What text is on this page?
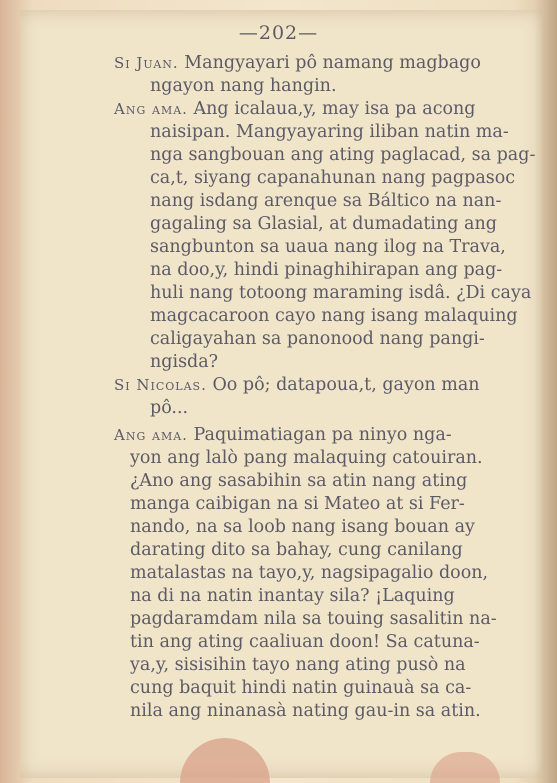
—202—
Si Juan. Mangyayari pô namang magbago
ngayon nang hangin.
Ang ama. Ang icalaua,y, may isa pa acong
naisipan. Mangyayaring iliban natin ma-
nga sangbouan ang ating paglacad, sa pag-
ca,t, siyang capanahunan nang pagpasoc
nang isdang arenque sa Báltico na nan-
gagaling sa Glasial, at dumadating ang
sangbunton sa uaua nang ilog na Trava,
na doo,y, hindi pinaghihirapan ang pag-
huli nang totoong maraming isdâ. ¿Di caya
magcacaroon cayo nang isang malaquing
caligayahan sa panonood nang pangi-
ngisda?
Si Nicolas. Oo pô; datapoua,t, gayon man
pô...
Ang ama. Paquimatiagan pa ninyo nga-
yon ang lalò pang malaquing catouiran.
¿Ano ang sasabihin sa atin nang ating
manga caibigan na si Mateo at si Fer-
nando, na sa loob nang isang bouan ay
darating dito sa bahay, cung canilang
matalastas na tayo,y, nagsipagalio doon,
na di na natin inantay sila? ¡Laquing
pagdaramdam nila sa touing sasalitin na-
tin ang ating caaliuan doon! Sa catuna-
ya,y, sisisihin tayo nang ating pusò na
cung baquit hindi natin guinauà sa ca-
nila ang ninanasà nating gau-in sa atin.
